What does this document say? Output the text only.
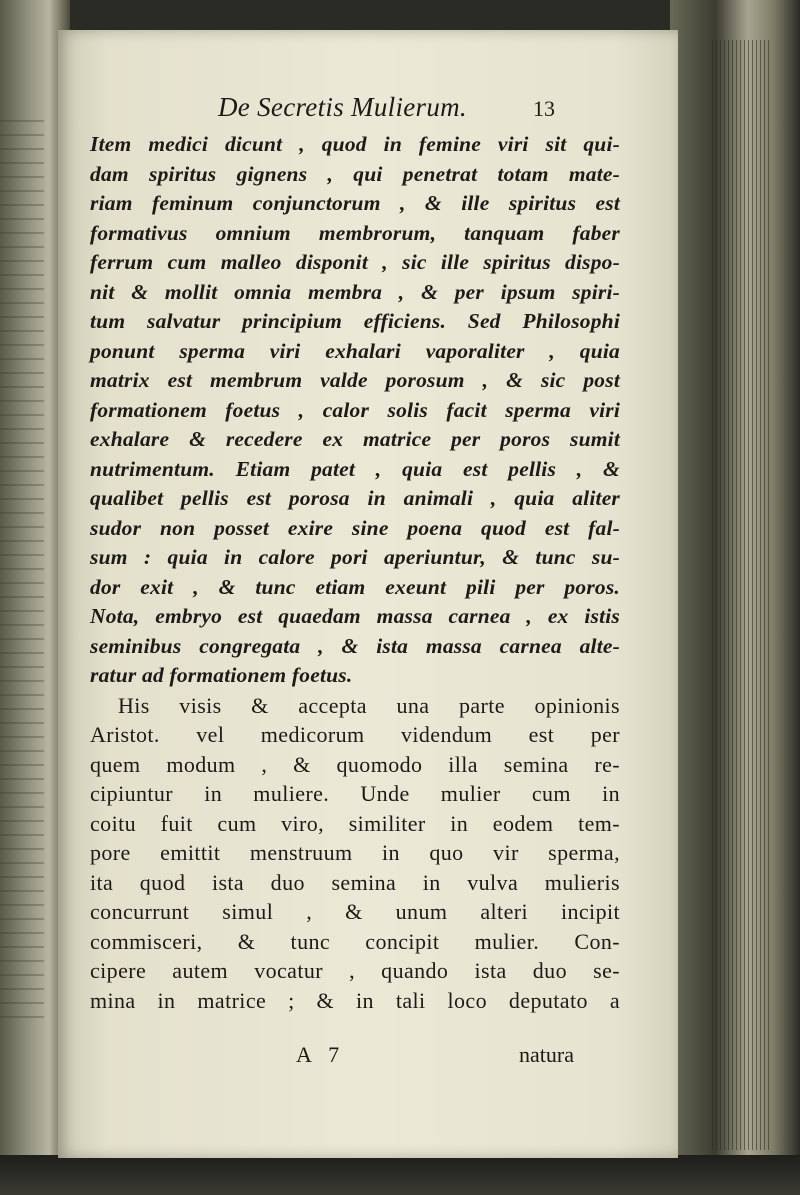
De Secretis Mulierum.	13
Item medici dicunt , quod in femine viri sit qui-
dam spiritus gignens , qui penetrat totam mate-
riam feminum conjunctorum , & ille spiritus est
formativus omnium membrorum, tanquam faber
ferrum cum malleo disponit , sic ille spiritus dispo-
nit & mollit omnia membra , & per ipsum spiri-
tum salvatur principium efficiens. Sed Philosophi
ponunt sperma viri exhalari vaporaliter , quia
matrix est membrum valde porosum , & sic post
formationem foetus , calor solis facit sperma viri
exhalare & recedere ex matrice per poros sumit
nutrimentum. Etiam patet , quia est pellis , &
qualibet pellis est porosa in animali , quia aliter
sudor non posset exire sine poena quod est fal-
sum : quia in calore pori aperiuntur, & tunc su-
dor exit , & tunc etiam exeunt pili per poros.
Nota, embryo est quaedam massa carnea , ex istis
seminibus congregata , & ista massa carnea alte-
ratur ad formationem foetus.
His visis & accepta una parte opinionis
Aristot. vel medicorum videndum est per
quem modum , & quomodo illa semina re-
cipiuntur in muliere. Unde mulier cum in
coitu fuit cum viro, similiter in eodem tem-
pore emittit menstruum in quo vir sperma,
ita quod ista duo semina in vulva mulieris
concurrunt simul , & unum alteri incipit
commisceri, & tunc concipit mulier. Con-
cipere autem vocatur , quando ista duo se-
mina in matrice ; & in tali loco deputato a
A 7	natura
